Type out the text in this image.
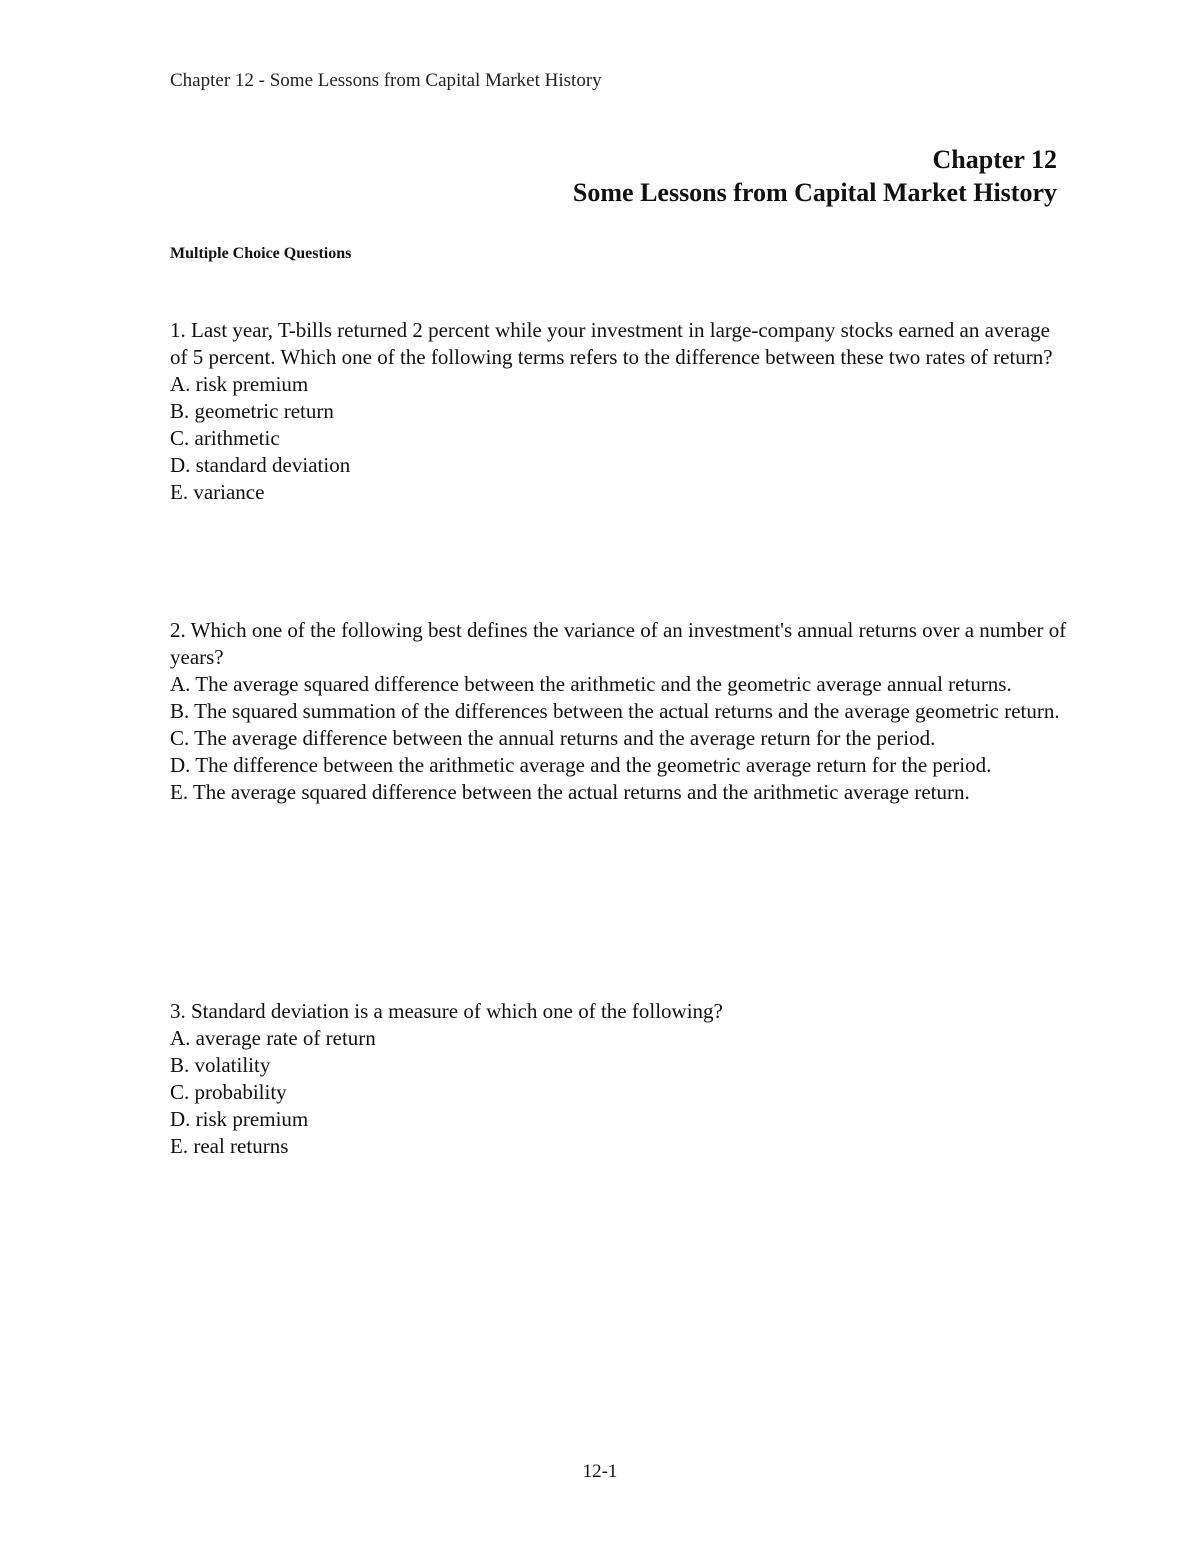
Chapter 12 - Some Lessons from Capital Market History
Chapter 12
Some Lessons from Capital Market History
Multiple Choice Questions

1. Last year, T-bills returned 2 percent while your investment in large-company stocks earned an average of 5 percent. Which one of the following terms refers to the difference between these two rates of return?

A. risk premium

B. geometric return

C. arithmetic

D. standard deviation

E. variance

2. Which one of the following best defines the variance of an investment's annual returns over a number of years?

A. The average squared difference between the arithmetic and the geometric average annual returns.

B. The squared summation of the differences between the actual returns and the average geometric return.

C. The average difference between the annual returns and the average return for the period.

D. The difference between the arithmetic average and the geometric average return for the period.

E. The average squared difference between the actual returns and the arithmetic average return.

3. Standard deviation is a measure of which one of the following?

A. average rate of return

B. volatility

C. probability

D. risk premium

E. real returns

12-1
